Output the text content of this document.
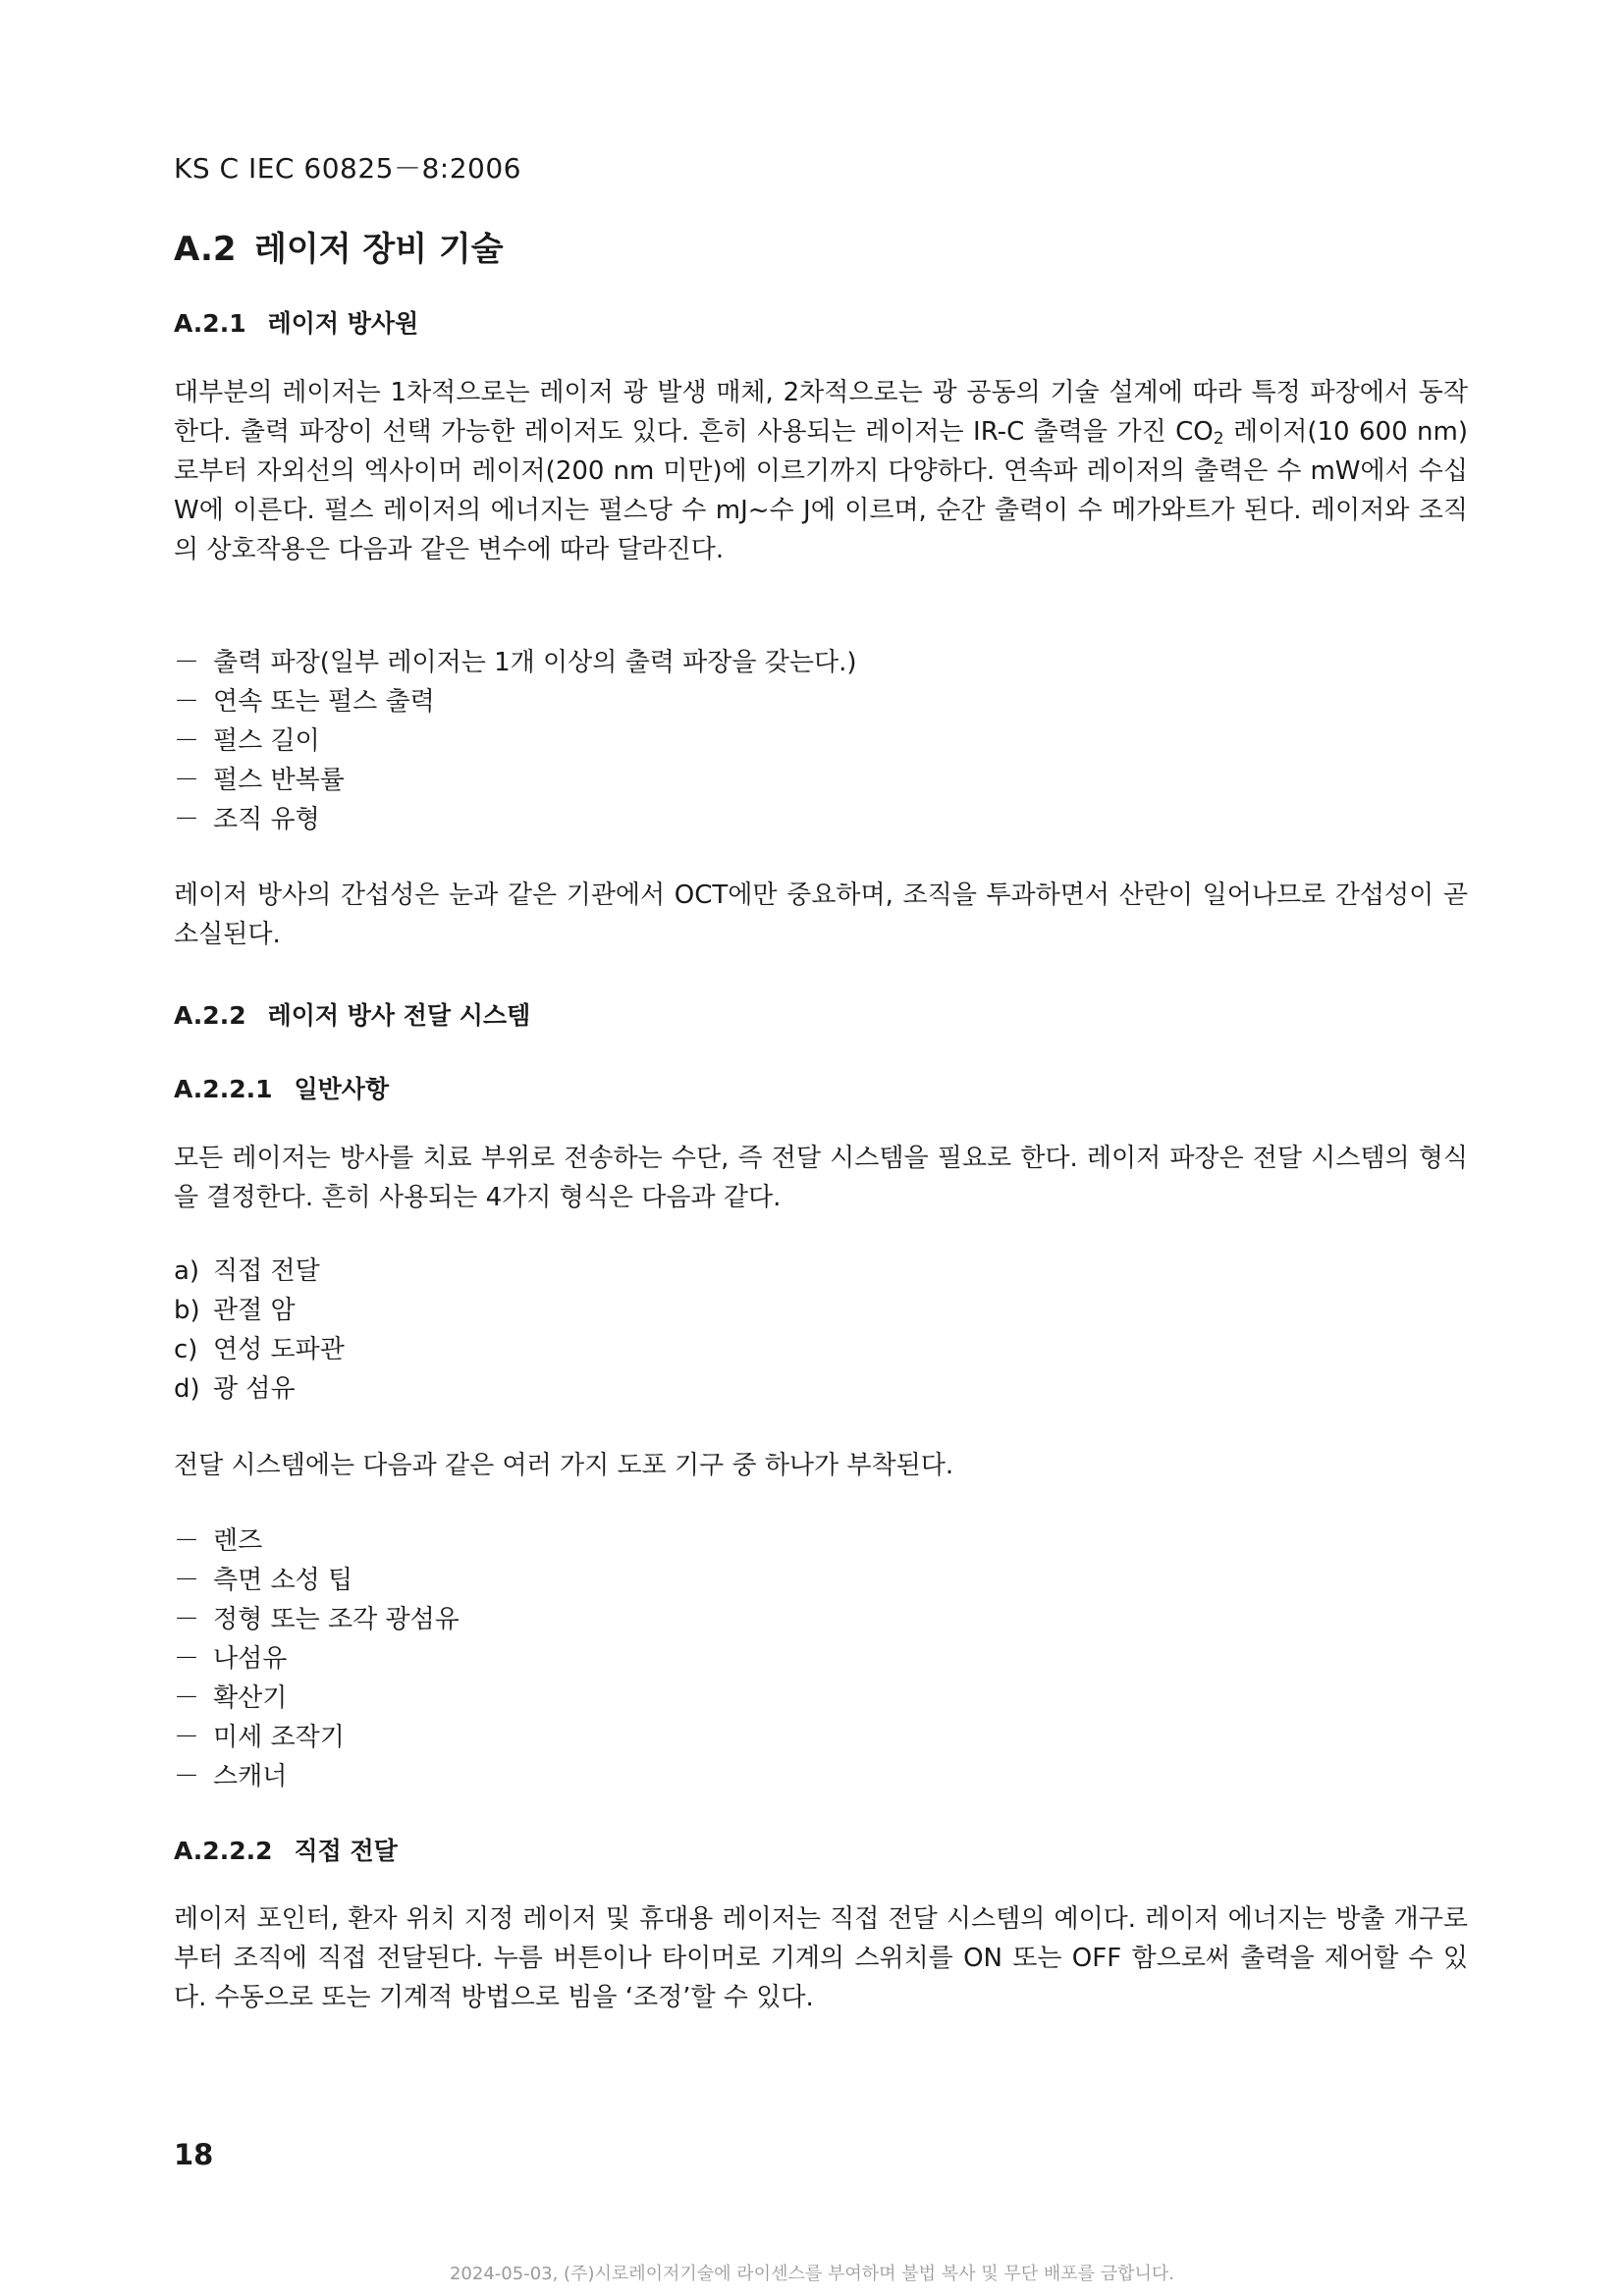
KS C IEC 60825－8:2006
A.2 레이저 장비 기술
A.2.1 레이저 방사원
대부분의 레이저는 1차적으로는 레이저 광 발생 매체, 2차적으로는 광 공동의 기술 설계에 따라 특정 파장에서 동작한다. 출력 파장이 선택 가능한 레이저도 있다. 흔히 사용되는 레이저는 IR-C 출력을 가진 $CO_2$ 레이저(10 600 nm)로부터 자외선의 엑사이머 레이저(200 nm 미만)에 이르기까지 다양하다. 연속파 레이저의 출력은 수 mW에서 수십 W에 이른다. 펄스 레이저의 에너지는 펄스당 수 mJ~수 J에 이르며, 순간 출력이 수 메가와트가 된다. 레이저와 조직의 상호작용은 다음과 같은 변수에 따라 달라진다.
－ 출력 파장(일부 레이저는 1개 이상의 출력 파장을 갖는다.)
－ 연속 또는 펄스 출력
－ 펄스 길이
－ 펄스 반복률
－ 조직 유형
레이저 방사의 간섭성은 눈과 같은 기관에서 OCT에만 중요하며, 조직을 투과하면서 산란이 일어나므로 간섭성이 곧 소실된다.
A.2.2 레이저 방사 전달 시스템
A.2.2.1 일반사항
모든 레이저는 방사를 치료 부위로 전송하는 수단, 즉 전달 시스템을 필요로 한다. 레이저 파장은 전달 시스템의 형식을 결정한다. 흔히 사용되는 4가지 형식은 다음과 같다.
a) 직접 전달
b) 관절 암
c) 연성 도파관
d) 광 섬유
전달 시스템에는 다음과 같은 여러 가지 도포 기구 중 하나가 부착된다.
－ 렌즈
－ 측면 소성 팁
－ 정형 또는 조각 광섬유
－ 나섬유
－ 확산기
－ 미세 조작기
－ 스캐너
A.2.2.2 직접 전달
레이저 포인터, 환자 위치 지정 레이저 및 휴대용 레이저는 직접 전달 시스템의 예이다. 레이저 에너지는 방출 개구로부터 조직에 직접 전달된다. 누름 버튼이나 타이머로 기계의 스위치를 ON 또는 OFF 함으로써 출력을 제어할 수 있다. 수동으로 또는 기계적 방법으로 빔을 ‘조정’할 수 있다.
18
2024-05-03, (주)시로레이저기술에 라이센스를 부여하며 불법 복사 및 무단 배포를 금합니다.
